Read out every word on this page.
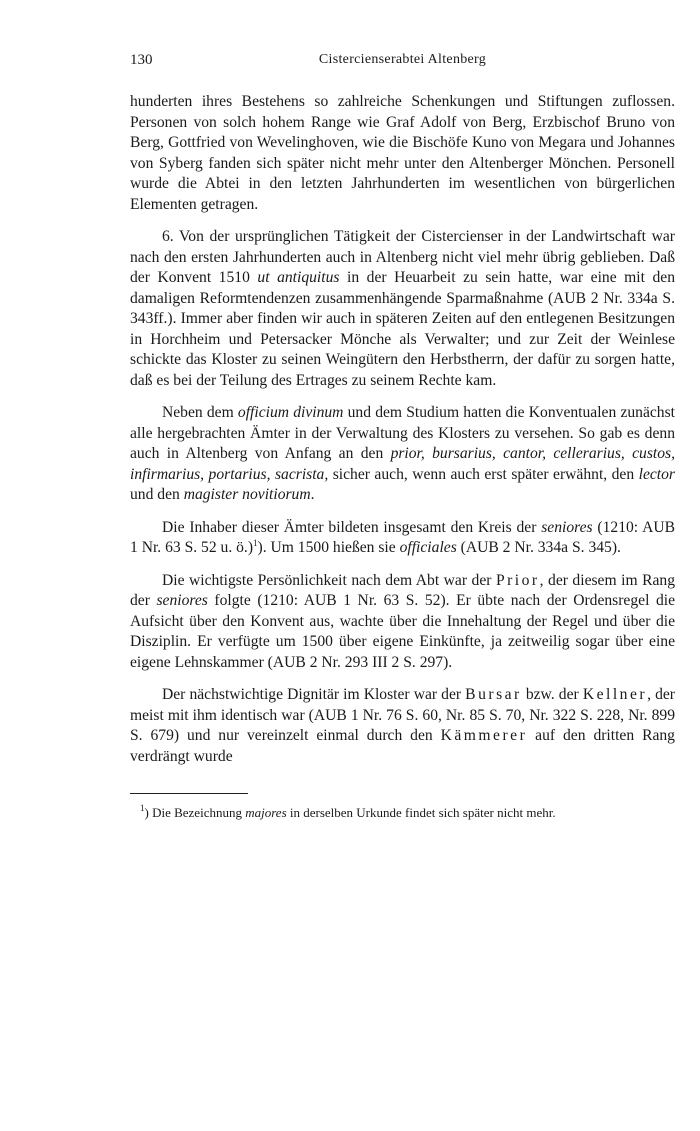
130	Cistercienserabtei Altenberg

hunderten ihres Bestehens so zahlreiche Schenkungen und Stiftungen zuflossen. Personen von solch hohem Range wie Graf Adolf von Berg, Erzbischof Bruno von Berg, Gottfried von Wevelinghoven, wie die Bischöfe Kuno von Megara und Johannes von Syberg fanden sich später nicht mehr unter den Altenberger Mönchen. Personell wurde die Abtei in den letzten Jahrhunderten im wesentlichen von bürgerlichen Elementen getragen.

6. Von der ursprünglichen Tätigkeit der Cistercienser in der Landwirtschaft war nach den ersten Jahrhunderten auch in Altenberg nicht viel mehr übrig geblieben. Daß der Konvent 1510 ut antiquitus in der Heuarbeit zu sein hatte, war eine mit den damaligen Reformtendenzen zusammenhängende Sparmaßnahme (AUB 2 Nr. 334a S. 343ff.). Immer aber finden wir auch in späteren Zeiten auf den entlegenen Besitzungen in Horchheim und Petersacker Mönche als Verwalter; und zur Zeit der Weinlese schickte das Kloster zu seinen Weingütern den Herbstherrn, der dafür zu sorgen hatte, daß es bei der Teilung des Ertrages zu seinem Rechte kam.

Neben dem officium divinum und dem Studium hatten die Konventualen zunächst alle hergebrachten Ämter in der Verwaltung des Klosters zu versehen. So gab es denn auch in Altenberg von Anfang an den prior, bursarius, cantor, cellerarius, custos, infirmarius, portarius, sacrista, sicher auch, wenn auch erst später erwähnt, den lector und den magister novitiorum.

Die Inhaber dieser Ämter bildeten insgesamt den Kreis der seniores (1210: AUB 1 Nr. 63 S. 52 u. ö.)$^1$). Um 1500 hießen sie officiales (AUB 2 Nr. 334a S. 345).

Die wichtigste Persönlichkeit nach dem Abt war der Prior, der diesem im Rang der seniores folgte (1210: AUB 1 Nr. 63 S. 52). Er übte nach der Ordensregel die Aufsicht über den Konvent aus, wachte über die Innehaltung der Regel und über die Disziplin. Er verfügte um 1500 über eigene Einkünfte, ja zeitweilig sogar über eine eigene Lehnskammer (AUB 2 Nr. 293 III 2 S. 297).

Der nächstwichtige Dignitär im Kloster war der Bursar bzw. der Kellner, der meist mit ihm identisch war (AUB 1 Nr. 76 S. 60, Nr. 85 S. 70, Nr. 322 S. 228, Nr. 899 S. 679) und nur vereinzelt einmal durch den Kämmerer auf den dritten Rang verdrängt wurde

$^1$) Die Bezeichnung majores in derselben Urkunde findet sich später nicht mehr.
